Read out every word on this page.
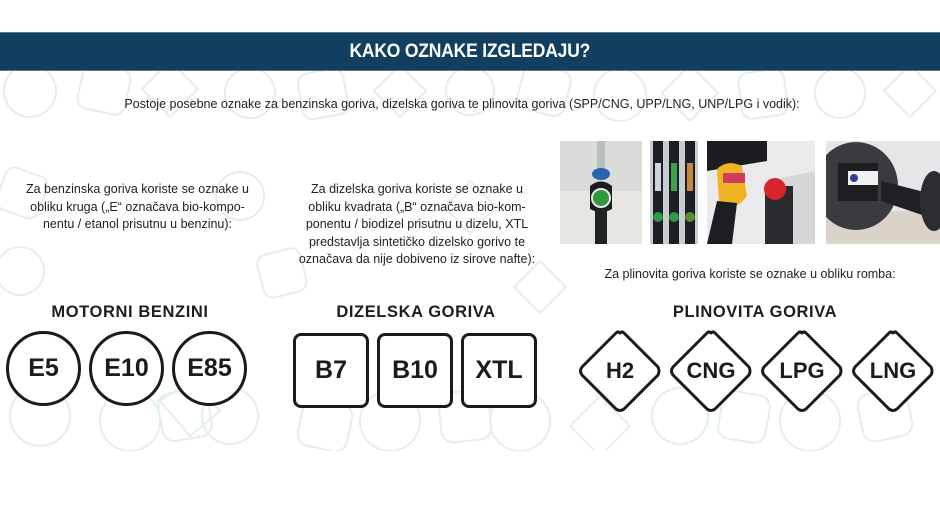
KAKO OZNAKE IZGLEDAJU?
Postoje posebne oznake za benzinska goriva, dizelska goriva te plinovita goriva (SPP/CNG, UPP/LNG, UNP/LPG i vodik):
Za benzinska goriva koriste se oznake u
obliku kruga („E“ označava bio-kompo-
nentu / etanol prisutnu u benzinu):
Za dizelska goriva koriste se oznake u
obliku kvadrata („B“ označava bio-kom-
ponentu / biodizel prisutnu u dizelu, XTL
predstavlja sintetičko dizelsko gorivo te
označava da nije dobiveno iz sirove nafte):
Za plinovita goriva koriste se oznake u obliku romba:
MOTORNI BENZINI	DIZELSKA GORIVA	PLINOVITA GORIVA
E5	E10	E85	B7	B10	XTL	H2	CNG	LPG	LNG
